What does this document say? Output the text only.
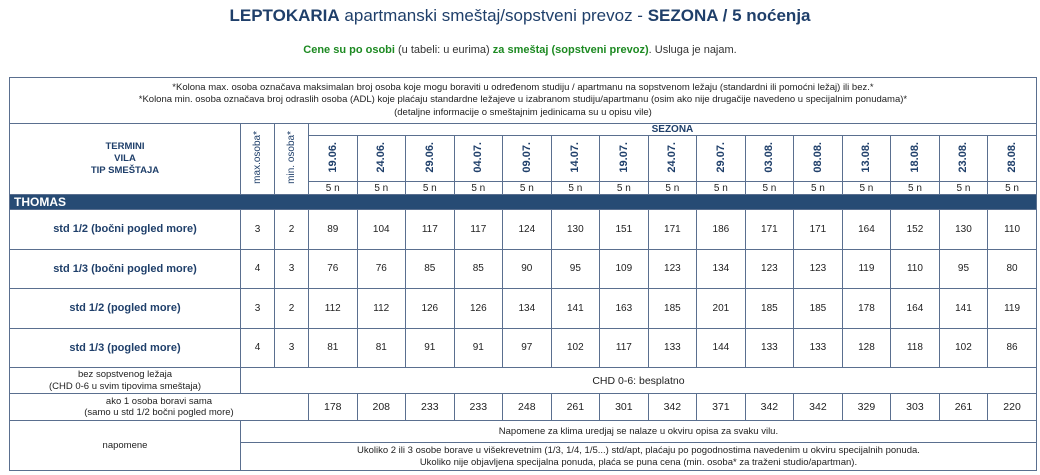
LEPTOKARIA apartmanski smeštaj/sopstveni prevoz - SEZONA / 5 noćenja
Cene su po osobi (u tabeli: u eurima) za smeštaj (sopstveni prevoz). Usluga je najam.
*Kolona max. osoba označava maksimalan broj osoba koje mogu boraviti u određenom studiju / apartmanu na sopstvenom ležaju (standardni ili pomoćni ležaj) ili bez.*
*Kolona min. osoba označava broj odraslih osoba (ADL) koje plaćaju standardne ležajeve u izabranom studiju/apartmanu (osim ako nije drugačije navedeno u specijalnim ponudama)*
(detaljne informacije o smeštajnim jedinicama su u opisu vile)																	

TERMINI
VILA
TIP SMEŠTAJA	max.osoba*	min. osoba*	SEZONA														
			19.06.	24.06.	29.06.	04.07.	09.07.	14.07.	19.07.	24.07.	29.07.	03.08.	08.08.	13.08.	18.08.	23.08.	28.08.
			5 n	5 n	5 n	5 n	5 n	5 n	5 n	5 n	5 n	5 n	5 n	5 n	5 n	5 n	5 n
THOMAS																	
std 1/2 (bočni pogled more)	3	2	89	104	117	117	124	130	151	171	186	171	171	164	152	130	110
std 1/3 (bočni pogled more)	4	3	76	76	85	85	90	95	109	123	134	123	123	119	110	95	80
std 1/2 (pogled more)	3	2	112	112	126	126	134	141	163	185	201	185	185	178	164	141	119
std 1/3 (pogled more)	4	3	81	81	91	91	97	102	117	133	144	133	133	128	118	102	86

bez sopstvenog ležaja
(CHD 0-6 u svim tipovima smeštaja)	CHD 0-6: besplatno																

ako 1 osoba boravi sama
(samo u std 1/2 bočni pogled more)			178	208	233	233	248	261	301	342	371	342	342	329	303	261	220
napomene	Napomene za klima uredjaj se nalaze u okviru opisa za svaku vilu.																

	Ukoliko 2 ili 3 osobe borave u višekrevetnim (1/3, 1/4, 1/5...) std/apt, plaćaju po pogodnostima navedenim u okviru specijalnih ponuda.
Ukoliko nije objavljena specijalna ponuda, plaća se puna cena (min. osoba* za traženi studio/apartman).																
